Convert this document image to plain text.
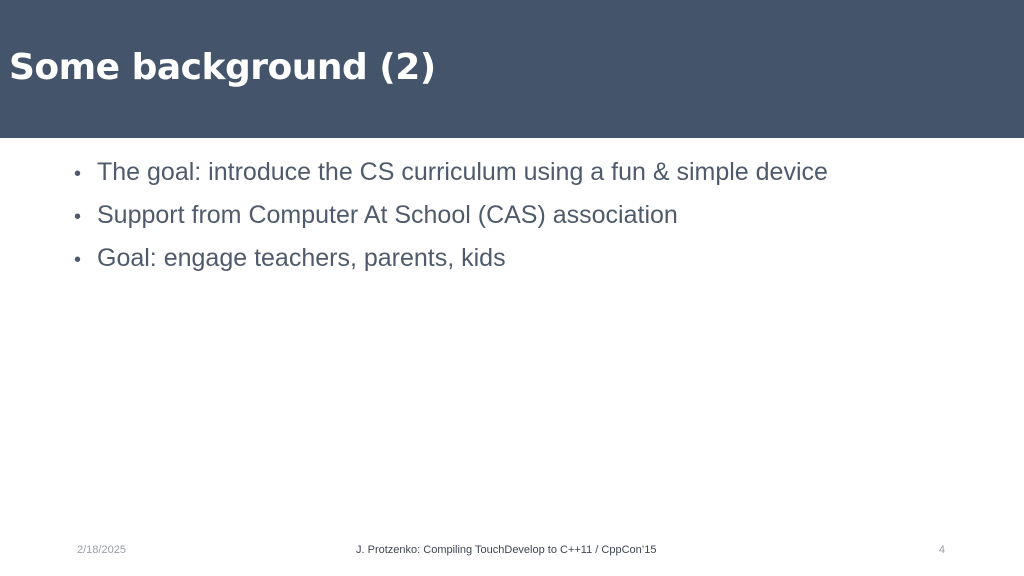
Some background (2)
• The goal: introduce the CS curriculum using a fun & simple device
• Support from Computer At School (CAS) association
• Goal: engage teachers, parents, kids
2/18/2025	J. Protzenko: Compiling TouchDevelop to C++11 / CppCon’15	4
